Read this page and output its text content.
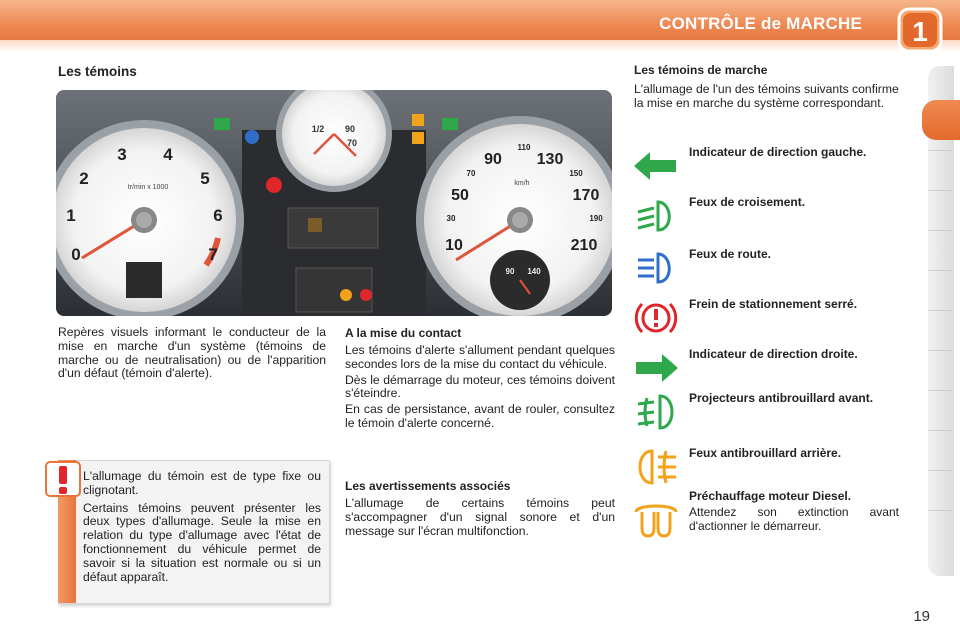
CONTRÔLE de MARCHE 1
Les témoins
0
1
2
3 4
5
6
7
tr/min x 1000
1/2 90
70
10
30
50
70
90
110
130
150
170
190
210
km/h
90 140

Repères visuels informant le conducteur de la mise en marche d'un système (témoins de marche ou de neutralisation) ou de l'apparition d'un défaut (témoin d'alerte).

L'allumage du témoin est de type fixe ou clignotant.

Certains témoins peuvent présenter les deux types d'allumage. Seule la mise en relation du type d'allumage avec l'état de fonctionnement du véhicule permet de savoir si la situation est normale ou si un défaut apparaît.

A la mise du contact

Les témoins d'alerte s'allument pendant quelques secondes lors de la mise du contact du véhicule.

Dès le démarrage du moteur, ces témoins doivent s'éteindre.

En cas de persistance, avant de rouler, consultez le témoin d'alerte concerné.

Les avertissements associés

L'allumage de certains témoins peut s'accompagner d'un signal sonore et d'un message sur l'écran multifonction.

Les témoins de marche

L'allumage de l'un des témoins suivants confirme la mise en marche du système correspondant.

Indicateur de direction gauche.
Feux de croisement.
Feux de route.
Frein de stationnement serré.
Indicateur de direction droite.
Projecteurs antibrouillard avant.
Feux antibrouillard arrière.
Préchauffage moteur Diesel.
Attendez son extinction avant d'actionner le démarreur.
19
